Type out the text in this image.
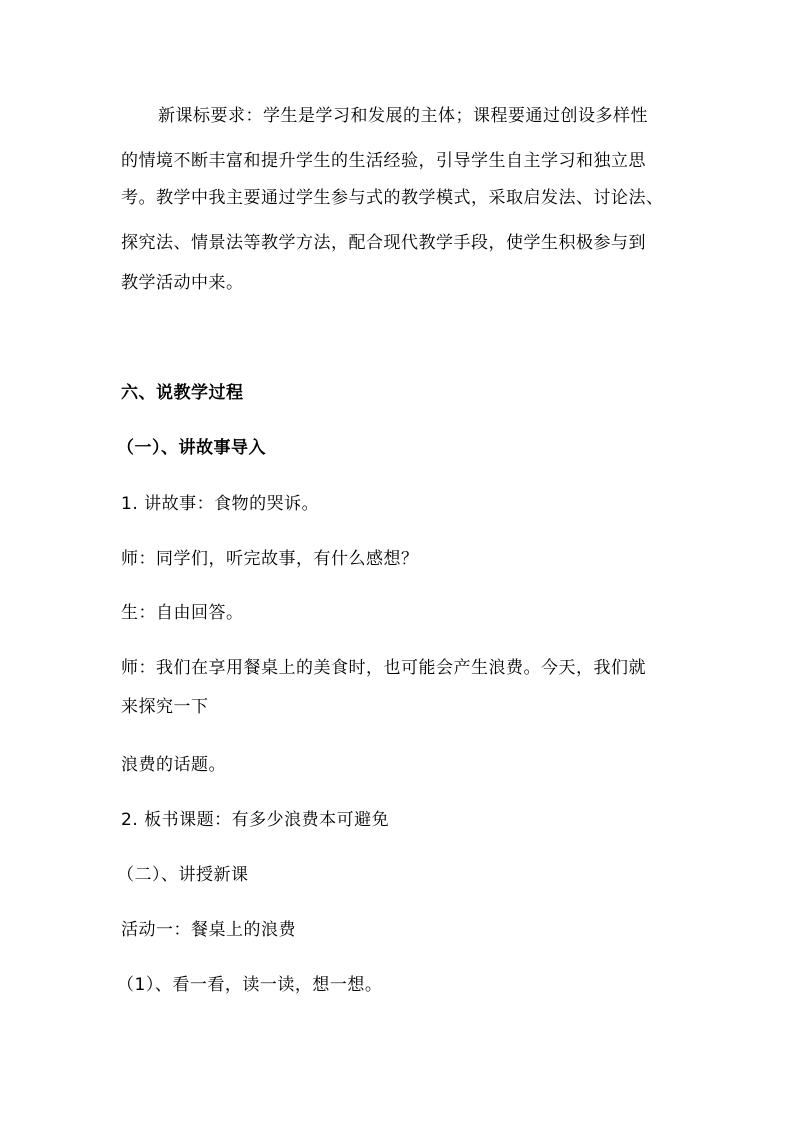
新课标要求：学生是学习和发展的主体；课程要通过创设多样性
的情境不断丰富和提升学生的生活经验，引导学生自主学习和独立思
考。教学中我主要通过学生参与式的教学模式，采取启发法、讨论法、
探究法、情景法等教学方法，配合现代教学手段，使学生积极参与到
教学活动中来。
六、说教学过程
（一）、讲故事导入
1. 讲故事：食物的哭诉。
师：同学们，听完故事，有什么感想？
生：自由回答。
师：我们在享用餐桌上的美食时，也可能会产生浪费。今天，我们就
来探究一下
浪费的话题。
2. 板书课题：有多少浪费本可避免
（二）、讲授新课
活动一：餐桌上的浪费
（1）、看一看，读一读，想一想。
